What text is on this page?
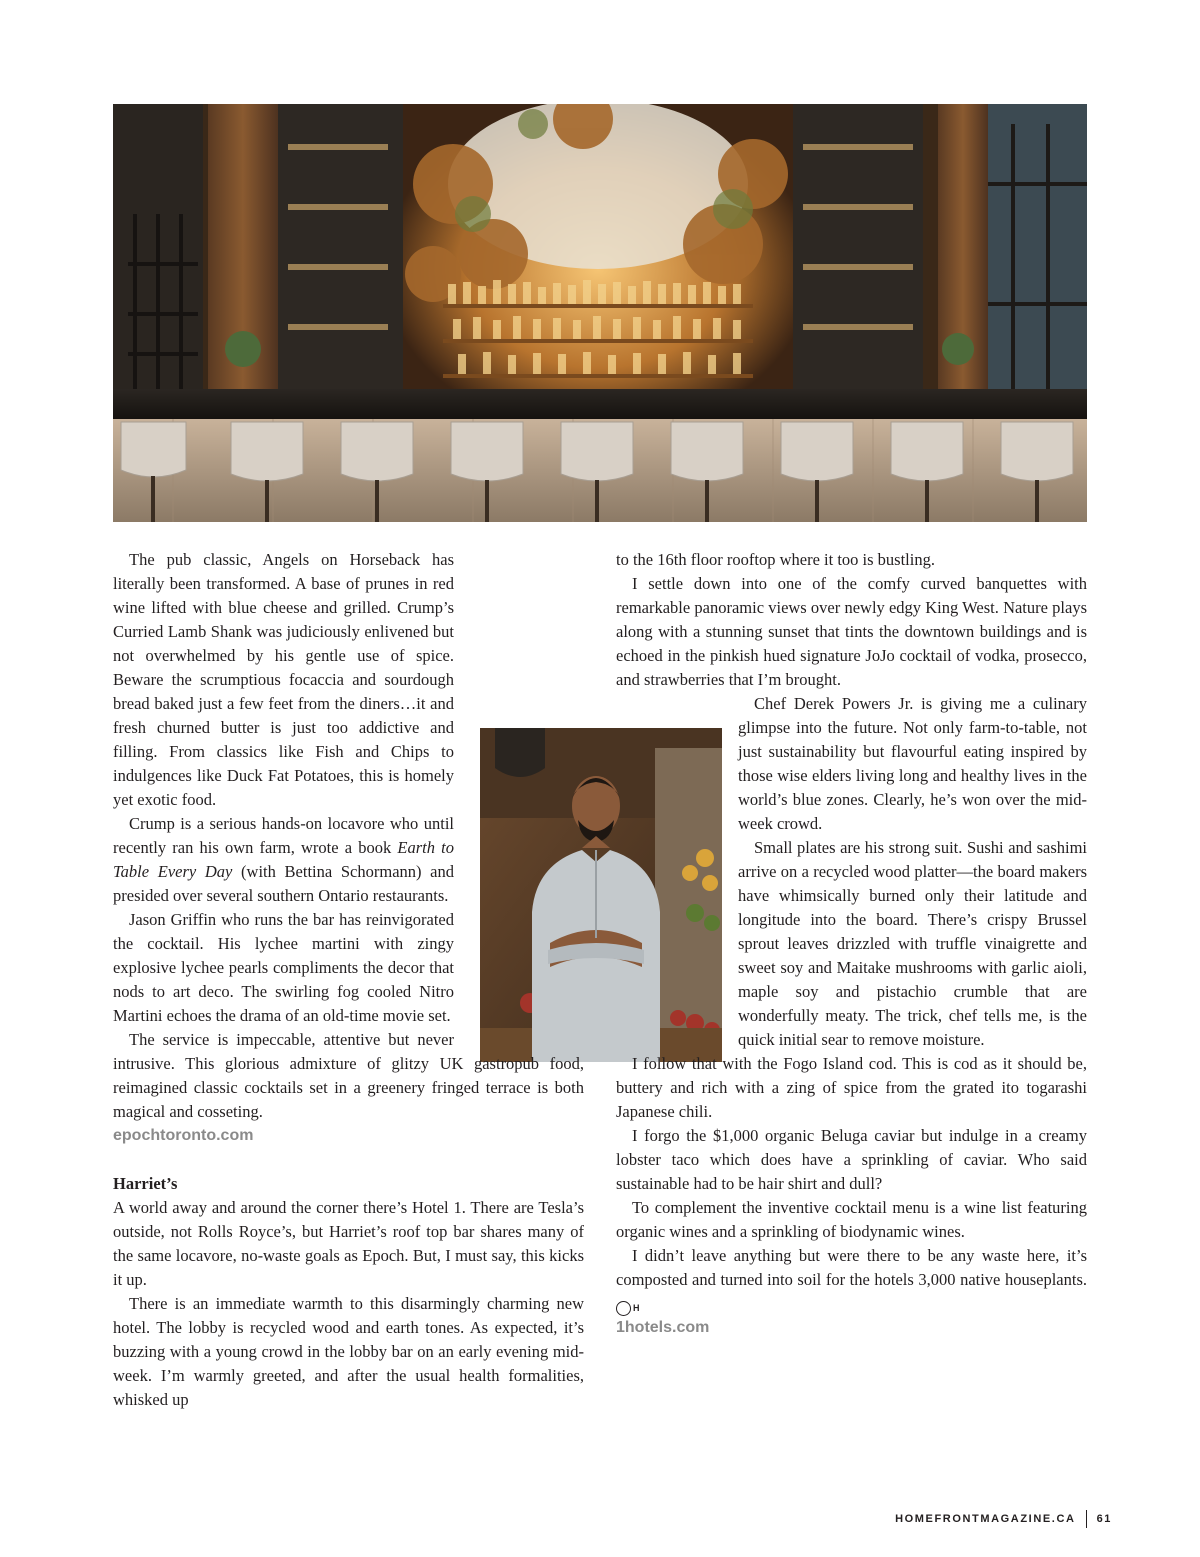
The pub classic, Angels on Horseback has literally been transformed. A base of prunes in red wine lifted with blue cheese and grilled. Crump’s Curried Lamb Shank was judiciously enlivened but not overwhelmed by his gentle use of spice. Beware the scrumptious focaccia and sourdough bread baked just a few feet from the diners…it and fresh churned butter is just too addictive and filling. From classics like Fish and Chips to indulgences like Duck Fat Potatoes, this is homely yet exotic food.

Crump is a serious hands-on locavore who until recently ran his own farm, wrote a book Earth to Table Every Day (with Bettina Schormann) and presided over several southern Ontario restaurants.

Jason Griffin who runs the bar has reinvigorated the cocktail. His lychee martini with zingy explosive lychee pearls compliments the decor that nods to art deco. The swirling fog cooled Nitro Martini echoes the drama of an old-time movie set.

The service is impeccable, attentive but never intrusive. This glorious admixture of glitzy UK gastropub food, reimagined classic cocktails set in a greenery fringed terrace is both magical and cosseting.

epochtoronto.com
Harriet’s

A world away and around the corner there’s Hotel 1. There are Tesla’s outside, not Rolls Royce’s, but Harriet’s roof top bar shares many of the same locavore, no-waste goals as Epoch. But, I must say, this kicks it up.

There is an immediate warmth to this disarmingly charming new hotel. The lobby is recycled wood and earth tones. As expected, it’s buzzing with a young crowd in the lobby bar on an early evening mid-week. I’m warmly greeted, and after the usual health formalities, whisked up

to the 16th floor rooftop where it too is bustling.

I settle down into one of the comfy curved banquettes with remarkable panoramic views over newly edgy King West. Nature plays along with a stunning sunset that tints the downtown buildings and is echoed in the pinkish hued signature JoJo cocktail of vodka, prosecco, and strawberries that I’m brought.

Chef Derek Powers Jr. is giving me a culinary glimpse into the future. Not only farm-to-table, not just sustainability but flavourful eating inspired by those wise elders living long and healthy lives in the world’s blue zones. Clearly, he’s won over the mid-week crowd.

Small plates are his strong suit. Sushi and sashimi arrive on a recycled wood platter—the board makers have whimsically burned only their latitude and longitude into the board. There’s crispy Brussel sprout leaves drizzled with truffle vinaigrette and sweet soy and Maitake mushrooms with garlic aioli, maple soy and pistachio crumble that are wonderfully meaty. The trick, chef tells me, is the quick initial sear to remove moisture.

I follow that with the Fogo Island cod. This is cod as it should be, buttery and rich with a zing of spice from the grated ito togarashi Japanese chili.

I forgo the $1,000 organic Beluga caviar but indulge in a creamy lobster taco which does have a sprinkling of caviar. Who said sustainable had to be hair shirt and dull?

To complement the inventive cocktail menu is a wine list featuring organic wines and a sprinkling of biodynamic wines.

I didn’t leave anything but were there to be any waste here, it’s composted and turned into soil for the hotels 3,000 native houseplants. H

1hotels.com
HOMEFRONTMAGAZINE.CA 61
